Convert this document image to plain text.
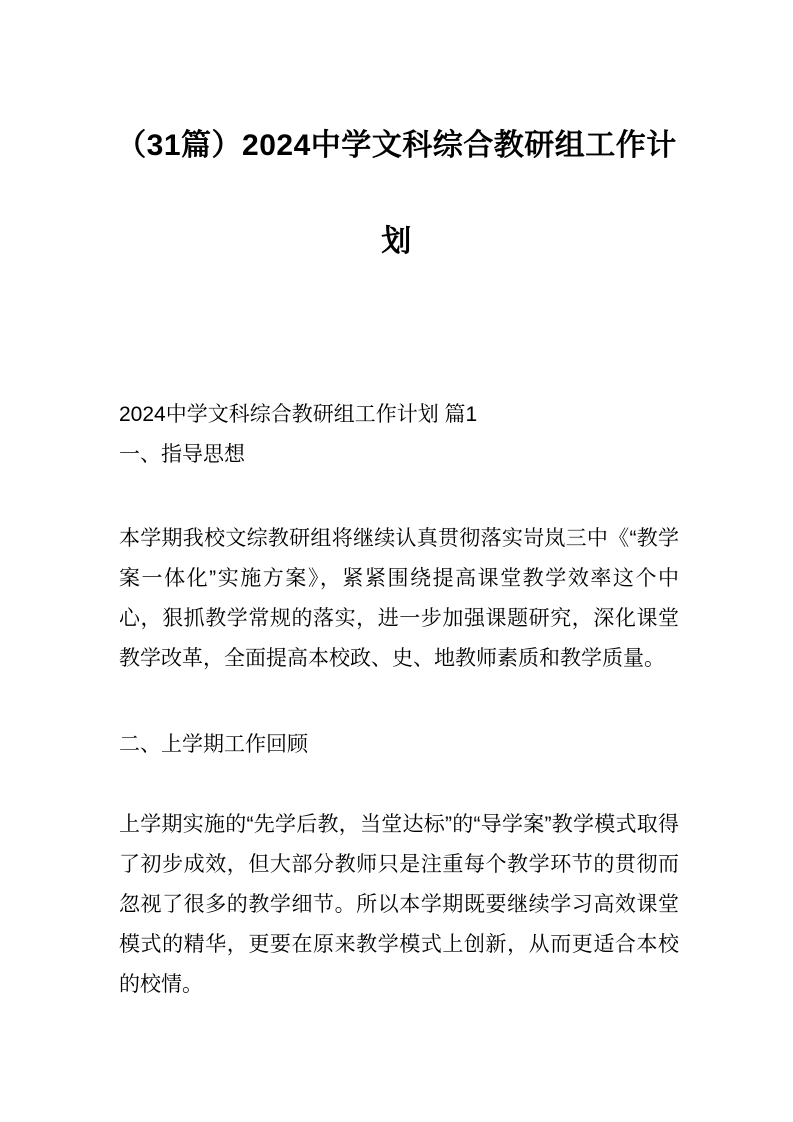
（31篇）2024中学文科综合教研组工作计划

2024中学文科综合教研组工作计划 篇1

一、指导思想

本学期我校文综教研组将继续认真贯彻落实岢岚三中《“教学案一体化”实施方案》，紧紧围绕提高课堂教学效率这个中心，狠抓教学常规的落实，进一步加强课题研究，深化课堂教学改革，全面提高本校政、史、地教师素质和教学质量。

二、上学期工作回顾

上学期实施的“先学后教，当堂达标”的“导学案”教学模式取得了初步成效，但大部分教师只是注重每个教学环节的贯彻而忽视了很多的教学细节。所以本学期既要继续学习高效课堂模式的精华，更要在原来教学模式上创新，从而更适合本校的校情。
